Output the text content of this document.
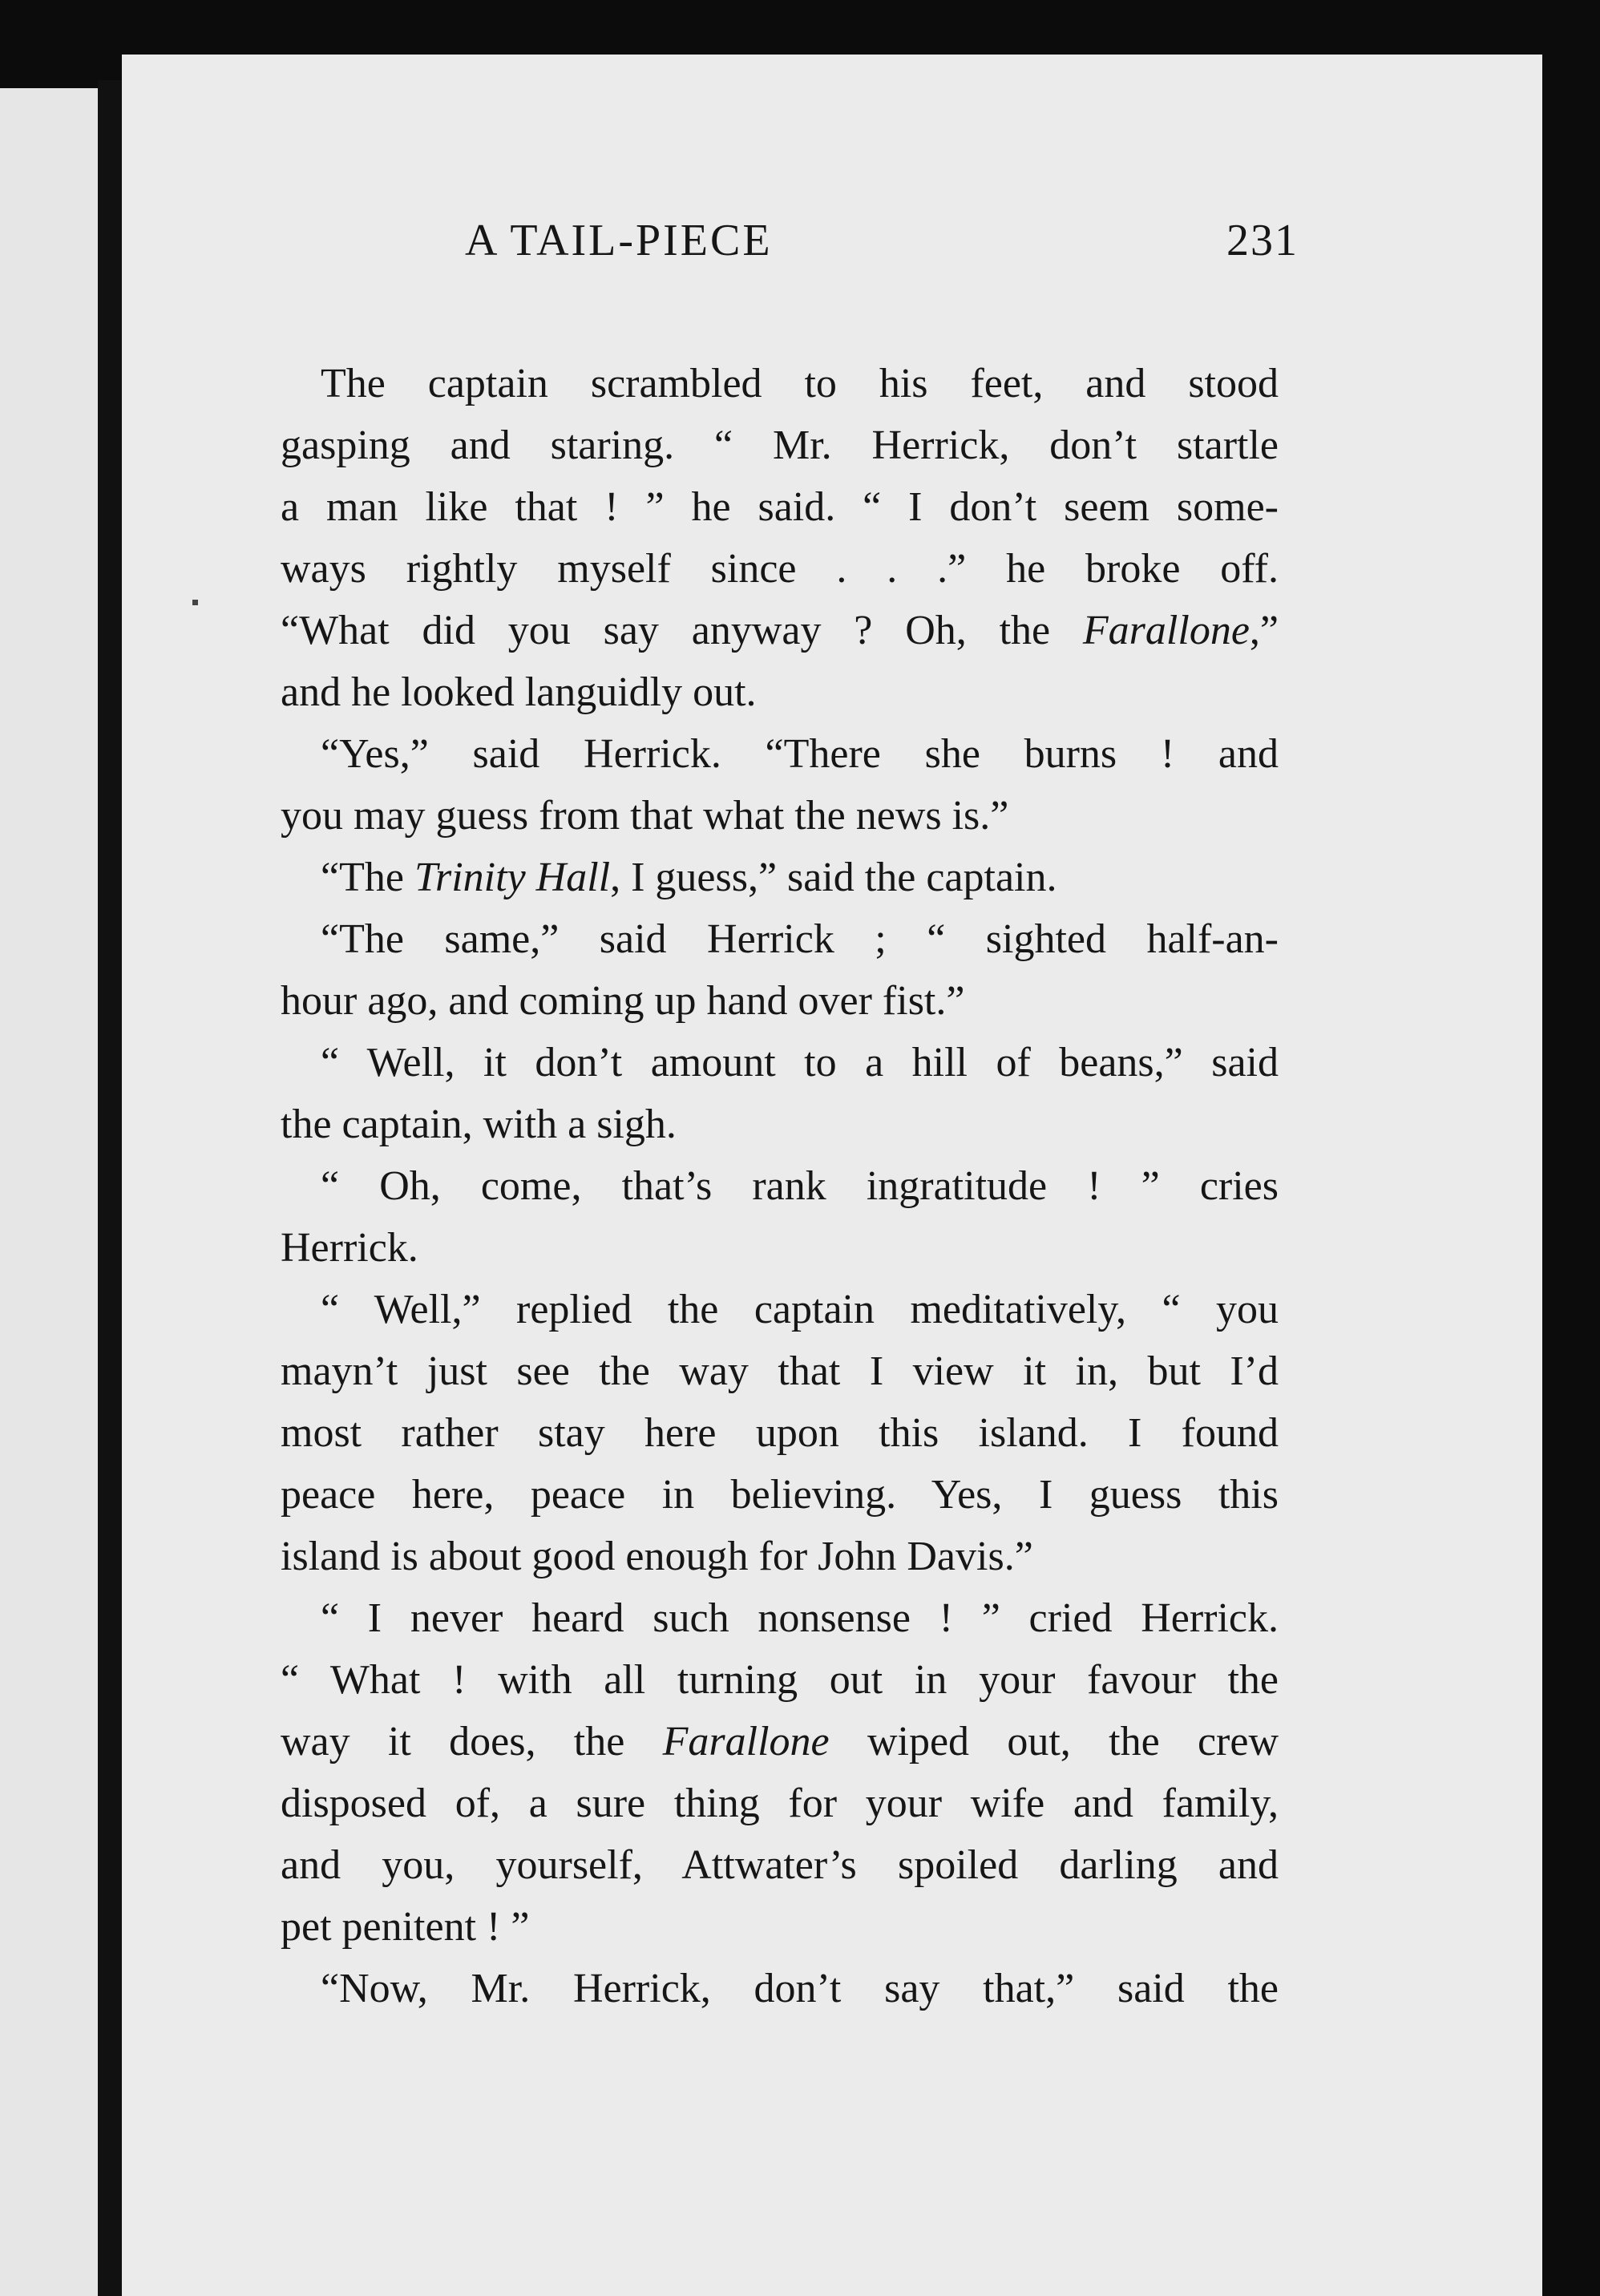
A TAIL-PIECE	231
The captain scrambled to his feet, and stood
gasping and staring. “ Mr. Herrick, don’t startle
a man like that ! ” he said. “ I don’t seem some-
ways rightly myself since . . .” he broke off.
“What did you say anyway ? Oh, the Farallone,”
and he looked languidly out.
“Yes,” said Herrick. “There she burns ! and
you may guess from that what the news is.”
“The Trinity Hall, I guess,” said the captain.
“The same,” said Herrick ; “ sighted half-an-
hour ago, and coming up hand over fist.”
“ Well, it don’t amount to a hill of beans,” said
the captain, with a sigh.
“ Oh, come, that’s rank ingratitude ! ” cries
Herrick.
“ Well,” replied the captain meditatively, “ you
mayn’t just see the way that I view it in, but I’d
most rather stay here upon this island. I found
peace here, peace in believing. Yes, I guess this
island is about good enough for John Davis.”
“ I never heard such nonsense ! ” cried Herrick.
“ What ! with all turning out in your favour the
way it does, the Farallone wiped out, the crew
disposed of, a sure thing for your wife and family,
and you, yourself, Attwater’s spoiled darling and
pet penitent ! ”
“Now, Mr. Herrick, don’t say that,” said the
